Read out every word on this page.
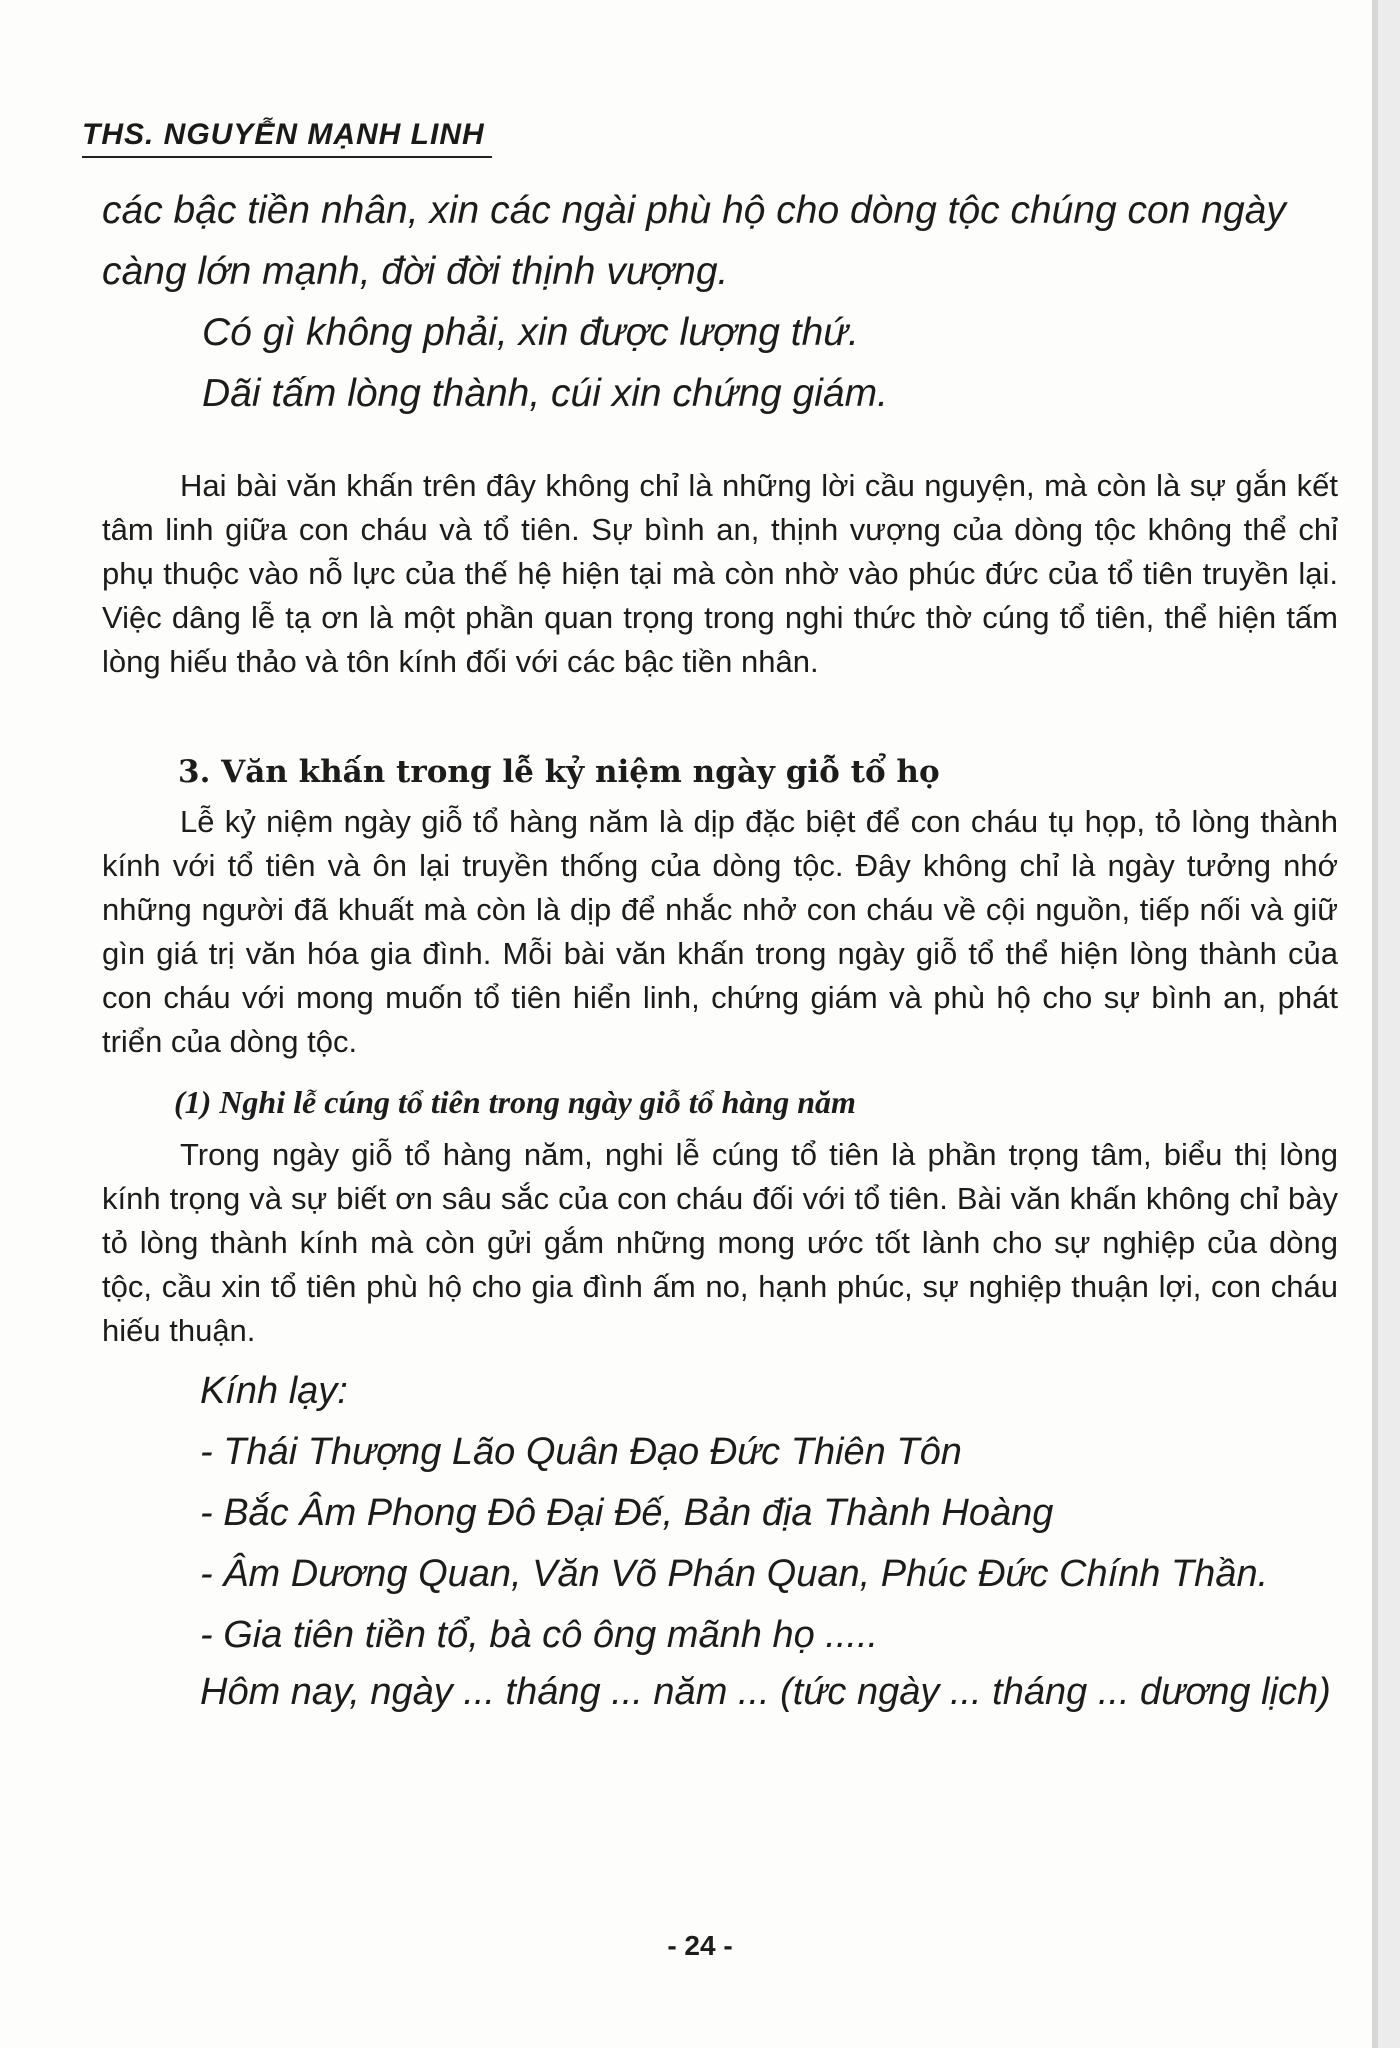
THS. NGUYỄN MẠNH LINH

các bậc tiền nhân, xin các ngài phù hộ cho dòng tộc chúng con ngày càng lớn mạnh, đời đời thịnh vượng.

Có gì không phải, xin được lượng thứ.

Dãi tấm lòng thành, cúi xin chứng giám.

Hai bài văn khấn trên đây không chỉ là những lời cầu nguyện, mà còn là sự gắn kết tâm linh giữa con cháu và tổ tiên. Sự bình an, thịnh vượng của dòng tộc không thể chỉ phụ thuộc vào nỗ lực của thế hệ hiện tại mà còn nhờ vào phúc đức của tổ tiên truyền lại. Việc dâng lễ tạ ơn là một phần quan trọng trong nghi thức thờ cúng tổ tiên, thể hiện tấm lòng hiếu thảo và tôn kính đối với các bậc tiền nhân.

3. Văn khấn trong lễ kỷ niệm ngày giỗ tổ họ

Lễ kỷ niệm ngày giỗ tổ hàng năm là dịp đặc biệt để con cháu tụ họp, tỏ lòng thành kính với tổ tiên và ôn lại truyền thống của dòng tộc. Đây không chỉ là ngày tưởng nhớ những người đã khuất mà còn là dịp để nhắc nhở con cháu về cội nguồn, tiếp nối và giữ gìn giá trị văn hóa gia đình. Mỗi bài văn khấn trong ngày giỗ tổ thể hiện lòng thành của con cháu với mong muốn tổ tiên hiển linh, chứng giám và phù hộ cho sự bình an, phát triển của dòng tộc.

(1) Nghi lễ cúng tổ tiên trong ngày giỗ tổ hàng năm

Trong ngày giỗ tổ hàng năm, nghi lễ cúng tổ tiên là phần trọng tâm, biểu thị lòng kính trọng và sự biết ơn sâu sắc của con cháu đối với tổ tiên. Bài văn khấn không chỉ bày tỏ lòng thành kính mà còn gửi gắm những mong ước tốt lành cho sự nghiệp của dòng tộc, cầu xin tổ tiên phù hộ cho gia đình ấm no, hạnh phúc, sự nghiệp thuận lợi, con cháu hiếu thuận.

Kính lạy:

- Thái Thượng Lão Quân Đạo Đức Thiên Tôn

- Bắc Âm Phong Đô Đại Đế, Bản địa Thành Hoàng

- Âm Dương Quan, Văn Võ Phán Quan, Phúc Đức Chính Thần.

- Gia tiên tiền tổ, bà cô ông mãnh họ .....

Hôm nay, ngày ... tháng ... năm ... (tức ngày ... tháng ... dương lịch)

- 24 -
